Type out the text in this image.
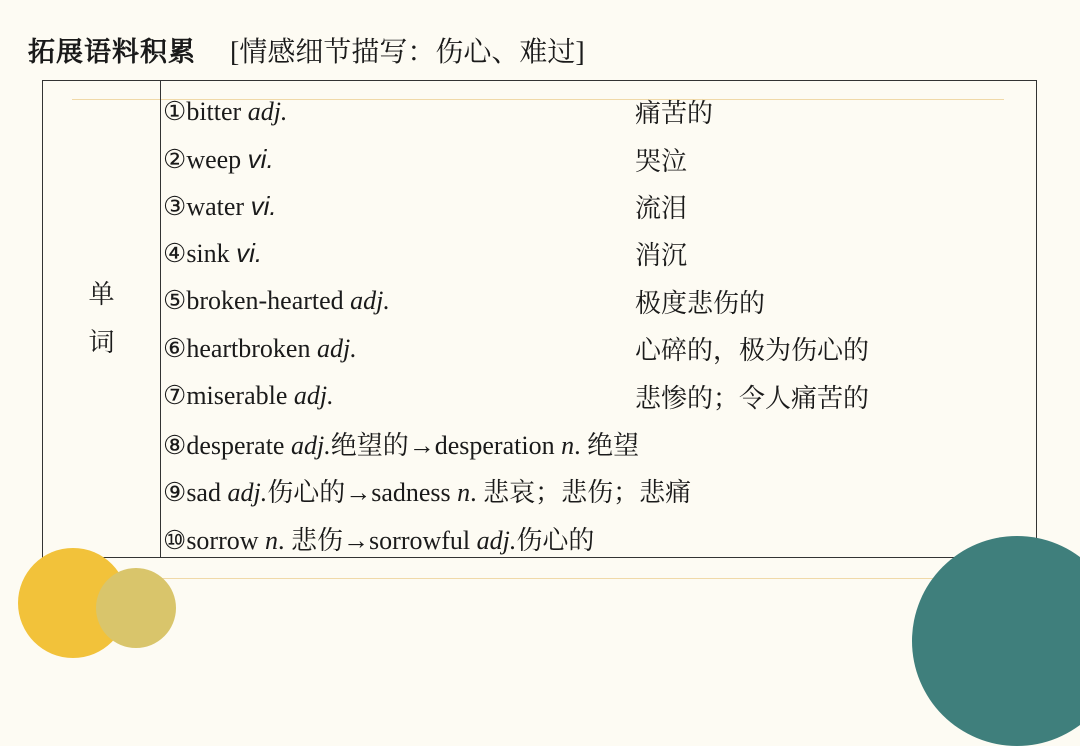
拓展语料积累 [情感细节描写：伤心、难过]
单
词
①bitter adj.	痛苦的
②weep vi.	哭泣
③water vi.	流泪
④sink vi.	消沉
⑤broken-hearted adj.	极度悲伤的
⑥heartbroken adj.	心碎的，极为伤心的
⑦miserable adj.	悲惨的；令人痛苦的
⑧desperate adj.绝望的→desperation n. 绝望
⑨sad adj.伤心的→sadness n. 悲哀；悲伤；悲痛
⑩sorrow n. 悲伤→sorrowful adj.伤心的
